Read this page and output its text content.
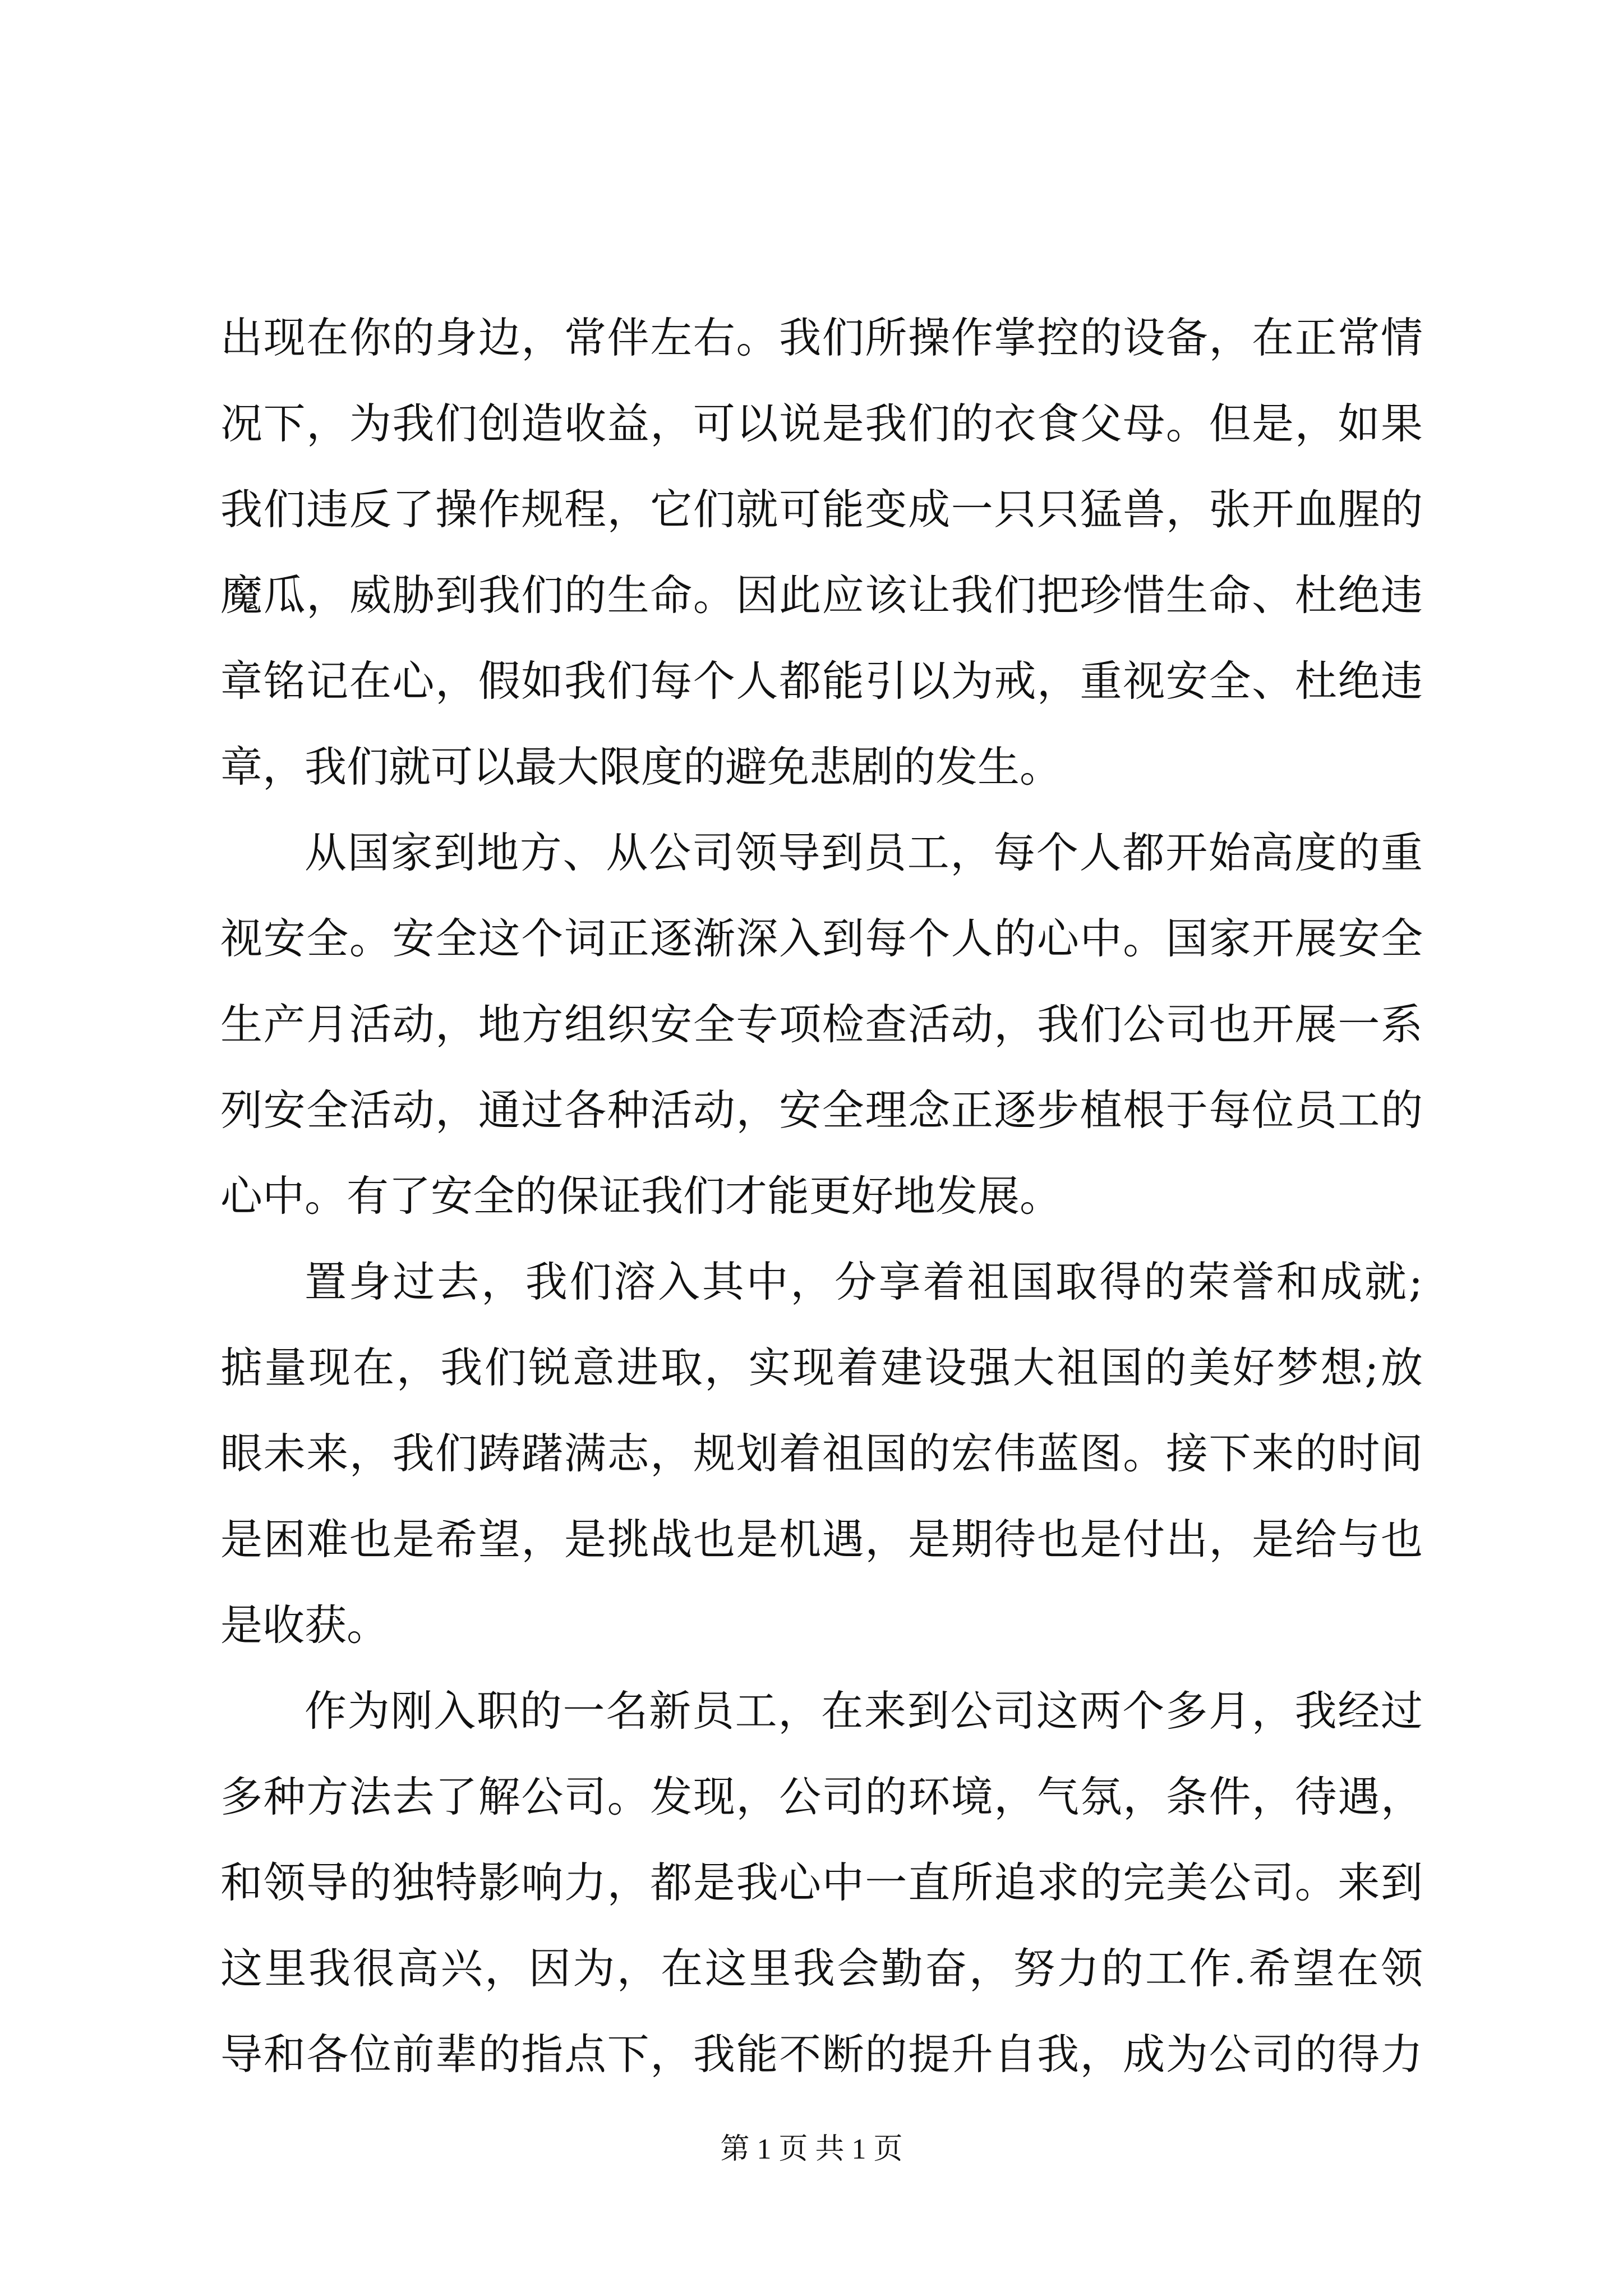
出现在你的身边，常伴左右。我们所操作掌控的设备，在正常情
况下，为我们创造收益，可以说是我们的衣食父母。但是，如果
我们违反了操作规程，它们就可能变成一只只猛兽，张开血腥的
魔瓜，威胁到我们的生命。因此应该让我们把珍惜生命、杜绝违
章铭记在心，假如我们每个人都能引以为戒，重视安全、杜绝违
章，我们就可以最大限度的避免悲剧的发生。
从国家到地方、从公司领导到员工，每个人都开始高度的重
视安全。安全这个词正逐渐深入到每个人的心中。国家开展安全
生产月活动，地方组织安全专项检查活动，我们公司也开展一系
列安全活动，通过各种活动，安全理念正逐步植根于每位员工的
心中。有了安全的保证我们才能更好地发展。
置身过去，我们溶入其中，分享着祖国取得的荣誉和成就;
掂量现在，我们锐意进取，实现着建设强大祖国的美好梦想;放
眼未来，我们踌躇满志，规划着祖国的宏伟蓝图。接下来的时间
是困难也是希望，是挑战也是机遇，是期待也是付出，是给与也
是收获。
作为刚入职的一名新员工，在来到公司这两个多月，我经过
多种方法去了解公司。发现，公司的环境，气氛，条件，待遇，
和领导的独特影响力，都是我心中一直所追求的完美公司。来到
这里我很高兴，因为，在这里我会勤奋，努力的工作.希望在领
导和各位前辈的指点下，我能不断的提升自我，成为公司的得力
第 1 页 共 1 页
